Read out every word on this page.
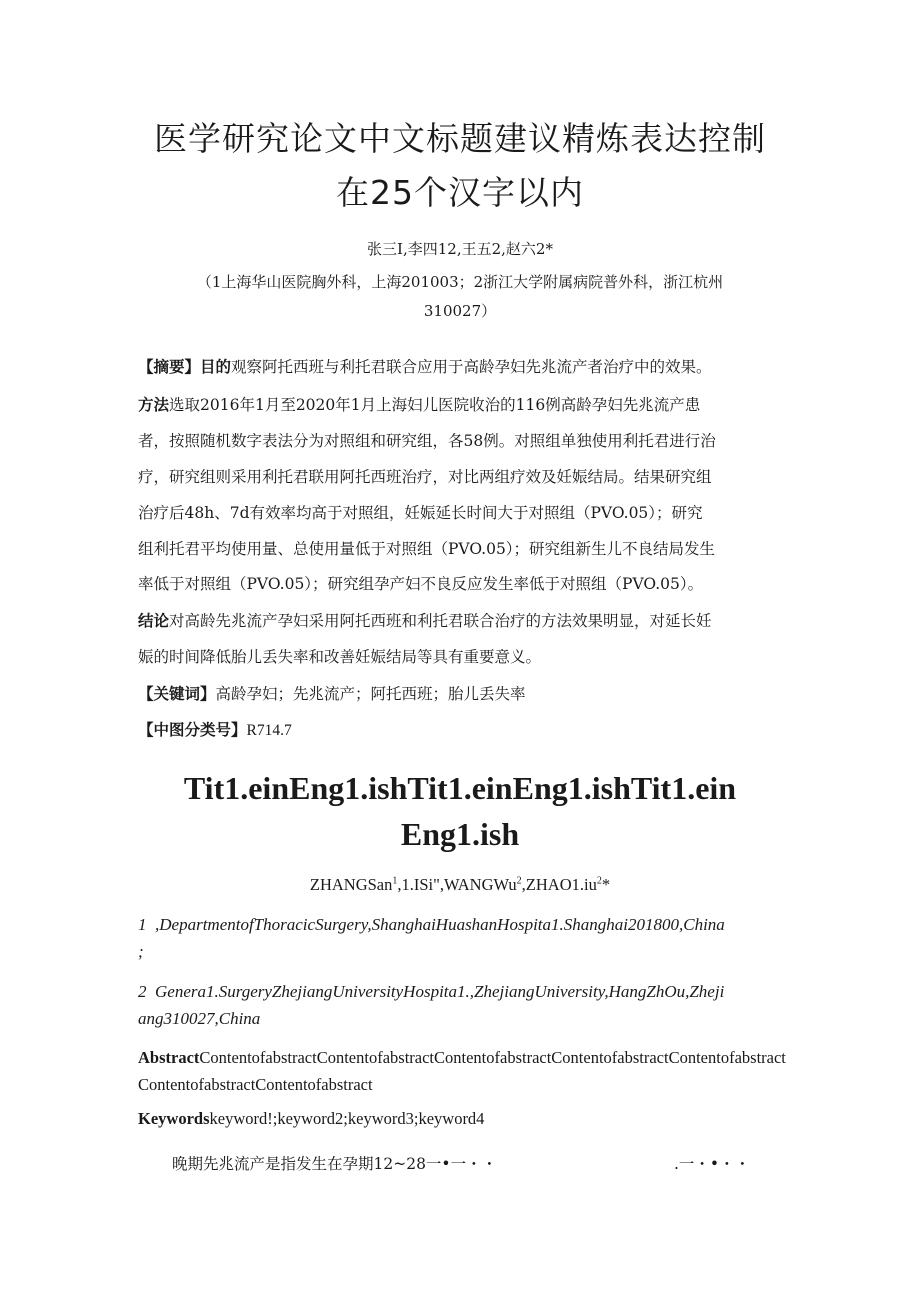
医学研究论文中文标题建议精炼表达控制
在25个汉字以内
张三I,李四12,王五2,赵六2*
（1上海华山医院胸外科，上海201003；2浙江大学附属病院普外科，浙江杭州
310027）
【摘要】目的观察阿托西班与利托君联合应用于高龄孕妇先兆流产者治疗中的效果。
方法选取2016年1月至2020年1月上海妇儿医院收治的116例高龄孕妇先兆流产患
者，按照随机数字表法分为对照组和研究组，各58例。对照组单独使用利托君进行治
疗，研究组则采用利托君联用阿托西班治疗，对比两组疗效及妊娠结局。结果研究组
治疗后48h、7d有效率均高于对照组，妊娠延长时间大于对照组（PVO.05）；研究
组利托君平均使用量、总使用量低于对照组（PVO.05）；研究组新生儿不良结局发生
率低于对照组（PVO.05）；研究组孕产妇不良反应发生率低于对照组（PVO.05）。
结论对高龄先兆流产孕妇采用阿托西班和利托君联合治疗的方法效果明显，对延长妊
娠的时间降低胎儿丢失率和改善妊娠结局等具有重要意义。
【关键词】高龄孕妇；先兆流产；阿托西班；胎儿丢失率
【中图分类号】R714.7
Tit1.einEng1.ishTit1.einEng1.ishTit1.ein
Eng1.ish
$ZHANGSan^1,1.ISi",WANGWu^2,ZHAO1.iu^2*$
1  ,DepartmentofThoracicSurgery,ShanghaiHuashanHospita1.Shanghai201800,China
;
2  Genera1.SurgeryZhejiangUniversityHospita1.,ZhejiangUniversity,HangZhOu,Zheji
ang310027,China
AbstractContentofabstractContentofabstractContentofabstractContentofabstractContentofabstractContentofabstractContentofabstract
Keywordskeyword!;keyword2;keyword3;keyword4
晚期先兆流产是指发生在孕期12~28一•一・・	.一・•・・
